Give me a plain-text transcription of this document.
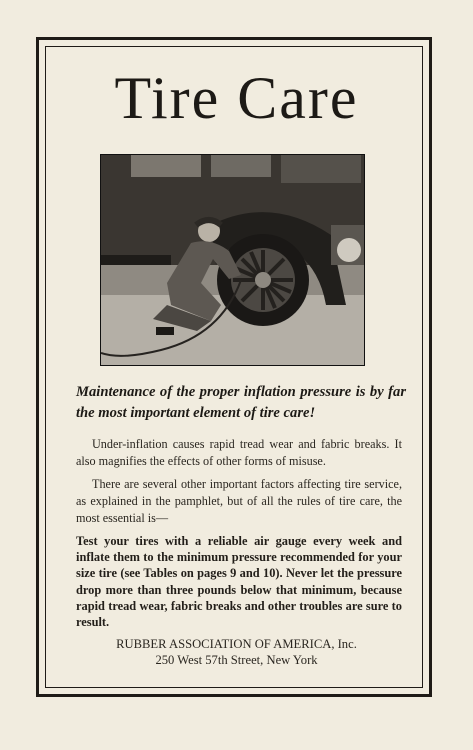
Tire Care
Maintenance of the proper inflation pressure is by far the most important element of tire care!
Under-inflation causes rapid tread wear and fabric breaks. It also magnifies the effects of other forms of misuse.
There are several other important factors affecting tire service, as explained in the pamphlet, but of all the rules of tire care, the most essential is—
Test your tires with a reliable air gauge every week and inflate them to the minimum pressure recommended for your size tire (see Tables on pages 9 and 10). Never let the pressure drop more than three pounds below that minimum, because rapid tread wear, fabric breaks and other troubles are sure to result.
RUBBER ASSOCIATION OF AMERICA, Inc.
250 West 57th Street, New York
